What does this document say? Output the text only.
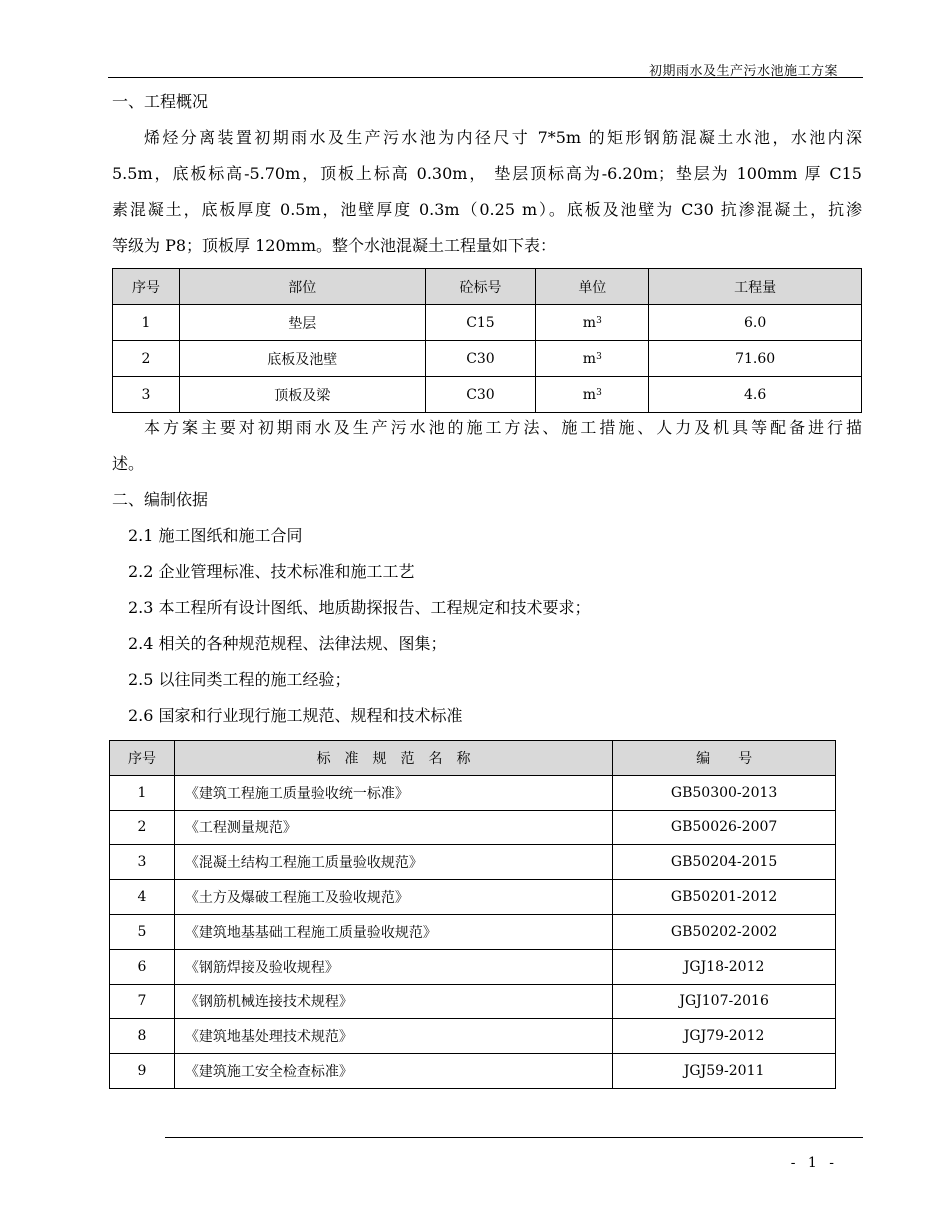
初期雨水及生产污水池施工方案
一、工程概况
烯烃分离装置初期雨水及生产污水池为内径尺寸 7*5m 的矩形钢筋混凝土水池，水池内深
5.5m，底板标高-5.70m，顶板上标高 0.30m， 垫层顶标高为-6.20m；垫层为 100mm 厚 C15
素混凝土，底板厚度 0.5m，池壁厚度 0.3m（0.25 m）。底板及池壁为 C30 抗渗混凝土，抗渗
等级为 P8；顶板厚 120mm。整个水池混凝土工程量如下表：
序号	部位	砼标号	单位	工程量
1	垫层	C15	$m^3$	6.0
2	底板及池壁	C30	$m^3$	71.60
3	顶板及梁	C30	$m^3$	4.6
本方案主要对初期雨水及生产污水池的施工方法、施工措施、人力及机具等配备进行描
述。
二、编制依据
2.1 施工图纸和施工合同
2.2 企业管理标准、技术标准和施工工艺
2.3 本工程所有设计图纸、地质勘探报告、工程规定和技术要求；
2.4 相关的各种规范规程、法律法规、图集；
2.5 以往同类工程的施工经验；
2.6 国家和行业现行施工规范、规程和技术标准
序号	标　准　规　范　名　称	编　　号
1	《建筑工程施工质量验收统一标准》	GB50300-2013
2	《工程测量规范》	GB50026-2007
3	《混凝土结构工程施工质量验收规范》	GB50204-2015
4	《土方及爆破工程施工及验收规范》	GB50201-2012
5	《建筑地基基础工程施工质量验收规范》	GB50202-2002
6	《钢筋焊接及验收规程》	JGJ18-2012
7	《钢筋机械连接技术规程》	JGJ107-2016
8	《建筑地基处理技术规范》	JGJ79-2012
9	《建筑施工安全检查标准》	JGJ59-2011
- 1 -
